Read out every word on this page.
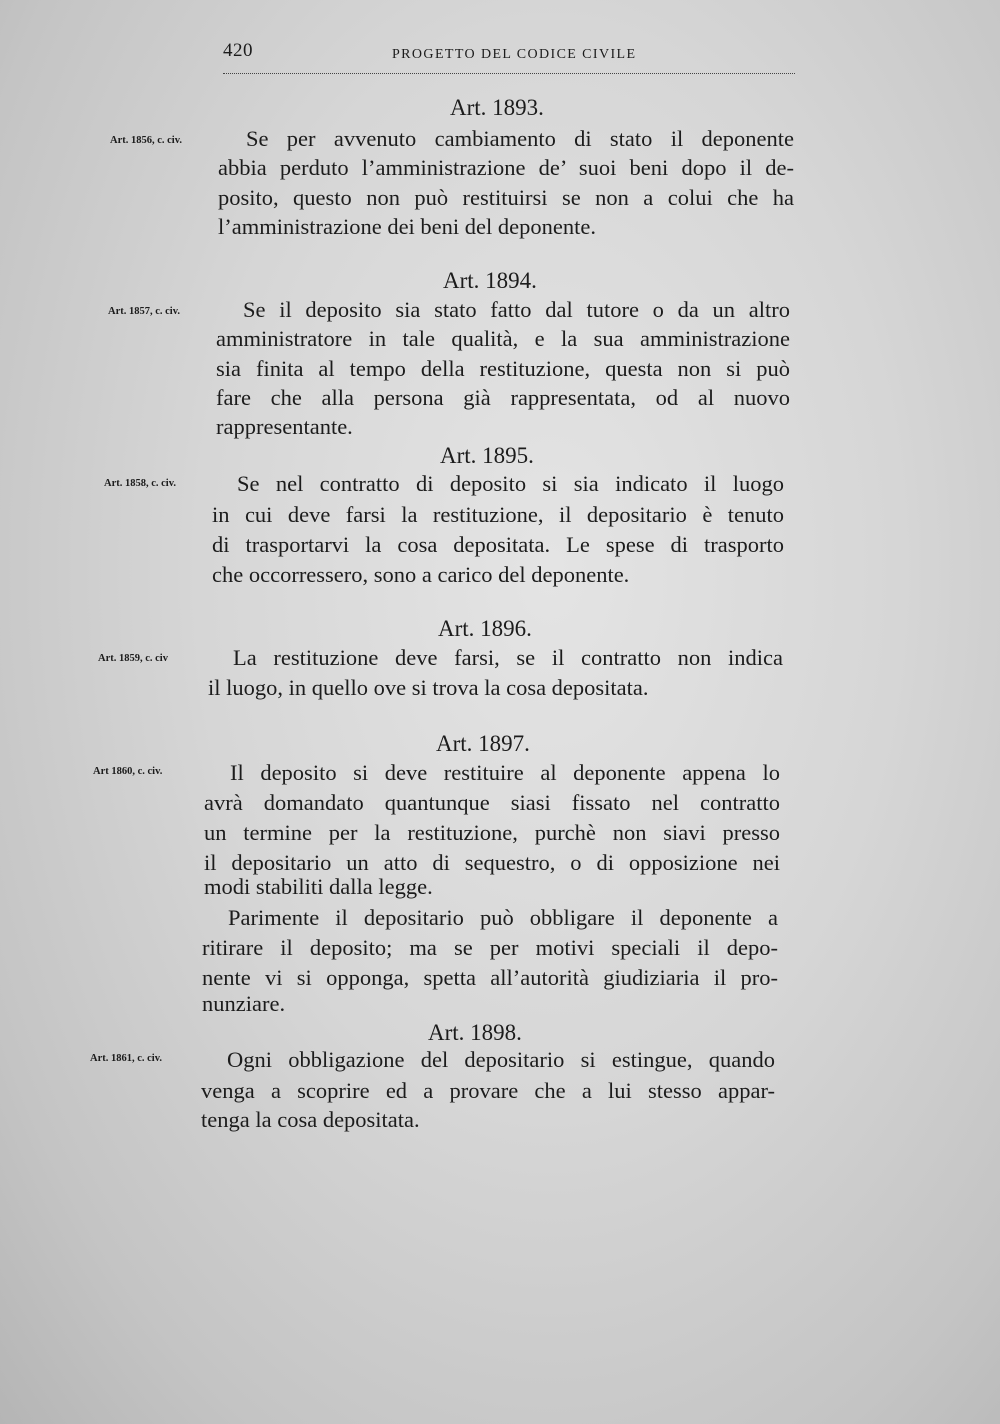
420	PROGETTO DEL CODICE CIVILE
Art. 1893.
Art. 1856, c. civ.	Se per avvenuto cambiamento di stato il deponente
abbia perduto l’amministrazione de’ suoi beni dopo il de-
posito, questo non può restituirsi se non a colui che ha
l’amministrazione dei beni del deponente.
Art. 1894.
Art. 1857, c. civ.	Se il deposito sia stato fatto dal tutore o da un altro
amministratore in tale qualità, e la sua amministrazione
sia finita al tempo della restituzione, questa non si può
fare che alla persona già rappresentata, od al nuovo
rappresentante.
Art. 1895.
Art. 1858, c. civ.	Se nel contratto di deposito si sia indicato il luogo
in cui deve farsi la restituzione, il depositario è tenuto
di trasportarvi la cosa depositata. Le spese di trasporto
che occorressero, sono a carico del deponente.
Art. 1896.
Art. 1859, c. civ	La restituzione deve farsi, se il contratto non indica
il luogo, in quello ove si trova la cosa depositata.
Art. 1897.
Art 1860, c. civ.	Il deposito si deve restituire al deponente appena lo
avrà domandato quantunque siasi fissato nel contratto
un termine per la restituzione, purchè non siavi presso
il depositario un atto di sequestro, o di opposizione nei
modi stabiliti dalla legge.
Parimente il depositario può obbligare il deponente a
ritirare il deposito; ma se per motivi speciali il depo-
nente vi si opponga, spetta all’autorità giudiziaria il pro-
nunziare.
Art. 1898.
Art. 1861, c. civ.	Ogni obbligazione del depositario si estingue, quando
venga a scoprire ed a provare che a lui stesso appar-
tenga la cosa depositata.
